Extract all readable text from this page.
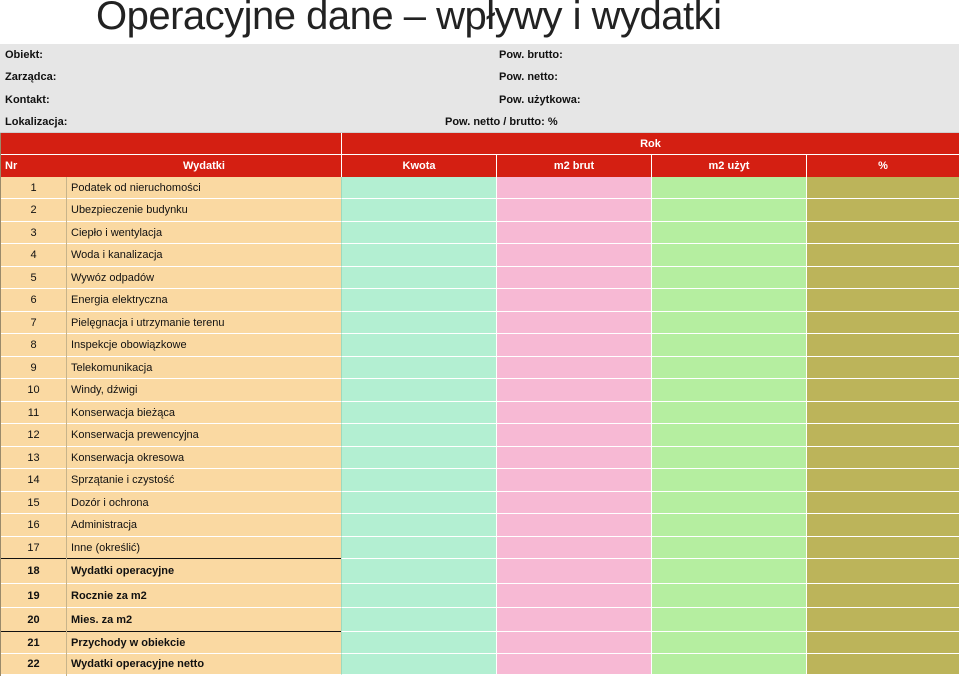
Operacyjne dane – wpływy i wydatki
Obiekt:
Zarządca:
Kontakt:
Lokalizacja:
Pow. brutto:
Pow. netto:
Pow. użytkowa:
Pow. netto / brutto: %
Rok
Nr	Wydatki	Kwota	m2 brut	m2 użyt	%
1	Podatek od nieruchomości
2	Ubezpieczenie budynku
3	Ciepło i wentylacja
4	Woda i kanalizacja
5	Wywóz odpadów
6	Energia elektryczna
7	Pielęgnacja i utrzymanie terenu
8	Inspekcje obowiązkowe
9	Telekomunikacja
10	Windy, dźwigi
11	Konserwacja bieżąca
12	Konserwacja prewencyjna
13	Konserwacja okresowa
14	Sprzątanie i czystość
15	Dozór i ochrona
16	Administracja
17	Inne (określić)
18	Wydatki operacyjne
19	Rocznie za m2
20	Mies. za m2
21	Przychody w obiekcie
22	Wydatki operacyjne netto
